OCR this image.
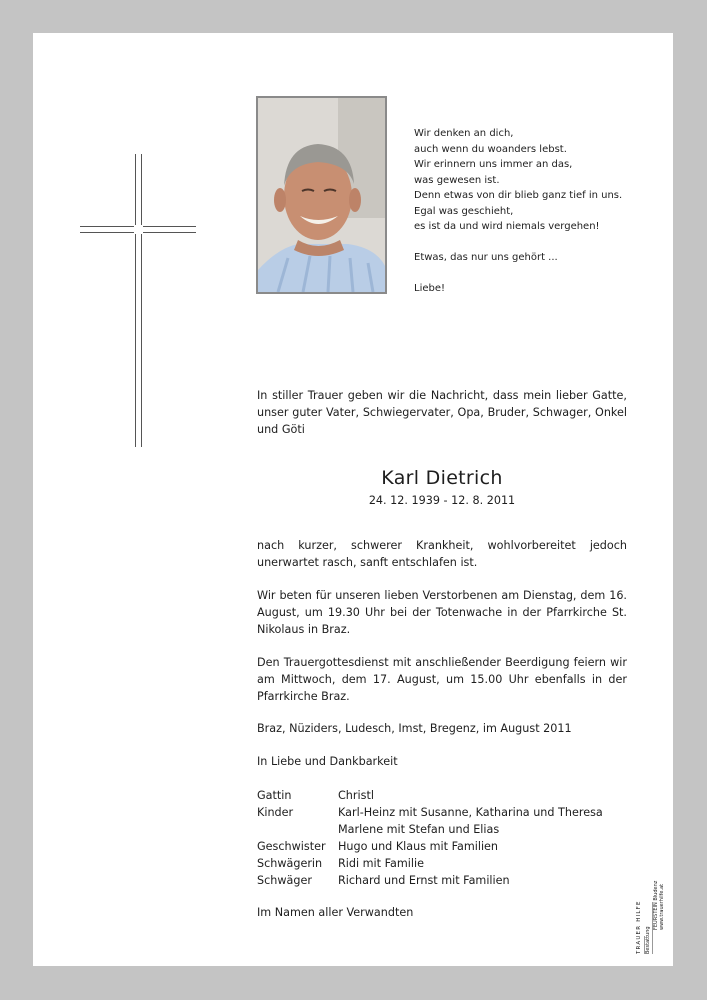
Wir denken an dich,
auch wenn du woanders lebst.
Wir erinnern uns immer an das,
was gewesen ist.
Denn etwas von dir blieb ganz tief in uns.
Egal was geschieht,
es ist da und wird niemals vergehen!
Etwas, das nur uns gehört ...
Liebe!
In stiller Trauer geben wir die Nachricht, dass mein lieber Gatte, unser guter Vater, Schwiegervater, Opa, Bruder, Schwager, Onkel und Göti
Karl Dietrich
24. 12. 1939 - 12. 8. 2011
nach kurzer, schwerer Krankheit, wohlvorbereitet jedoch unerwartet rasch, sanft entschlafen ist.
Wir beten für unseren lieben Verstorbenen am Dienstag, dem 16. August, um 19.30 Uhr bei der Totenwache in der Pfarrkirche St. Nikolaus in Braz.
Den Trauergottesdienst mit anschließender Beerdigung feiern wir am Mittwoch, dem 17. August, um 15.00 Uhr ebenfalls in der Pfarrkirche Braz.
Braz, Nüziders, Ludesch, Imst, Bregenz, im August 2011
In Liebe und Dankbarkeit
Gattin	Christl
Kinder	Karl-Heinz mit Susanne, Katharina und Theresa
Marlene mit Stefan und Elias
Geschwister	Hugo und Klaus mit Familien
Schwägerin	Ridi mit Familie
Schwäger	Richard und Ernst mit Familien
Im Namen aller Verwandten	TRAUER HILFE Bestattung
FEURSTEIN Bludenz www.trauerhilfe.at
